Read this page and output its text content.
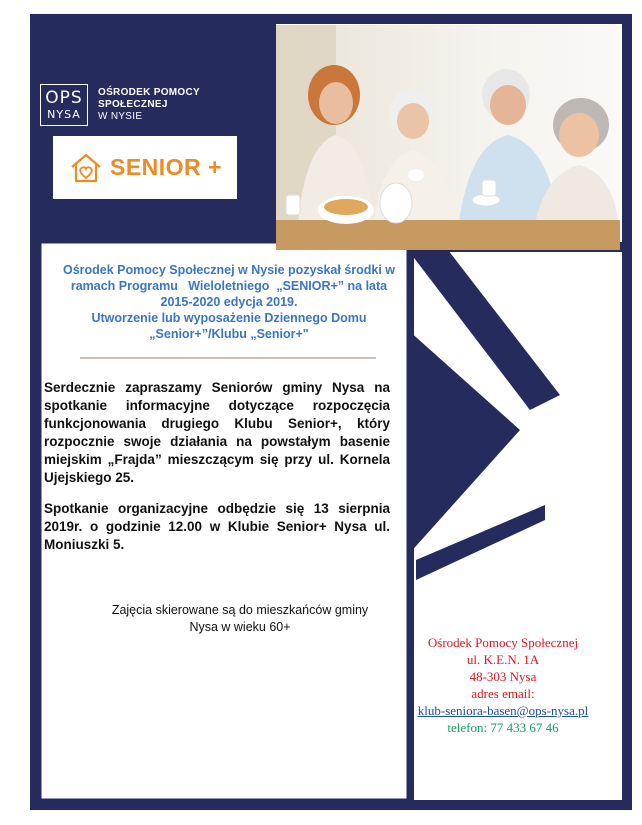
OPS
NYSA
OŚRODEK POMOCY
SPOŁECZNEJ
W NYSIE
SENIOR +
Ośrodek Pomocy Społecznej w Nysie pozyskał środki w
ramach Programu   Wieloletniego  „SENIOR+” na lata
2015-2020 edycja 2019.
Utworzenie lub wyposażenie Dziennego Domu
„Senior+”/Klubu „Senior+"

Serdecznie zapraszamy Seniorów gminy Nysa na spotkanie informacyjne dotyczące rozpoczęcia funkcjonowania drugiego Klubu Senior+, który rozpocznie swoje działania na powstałym basenie miejskim „Frajda” mieszczącym się przy ul. Kornela Ujejskiego 25.

Spotkanie organizacyjne odbędzie się 13 sierpnia 2019r. o godzinie 12.00 w Klubie Senior+ Nysa ul. Moniuszki 5.

Zajęcia skierowane są do mieszkańców gminy
Nysa w wieku 60+
Ośrodek Pomocy Społecznej
ul. K.E.N. 1A
48-303 Nysa
adres email:
klub-seniora-basen@ops-nysa.pl
telefon: 77 433 67 46
